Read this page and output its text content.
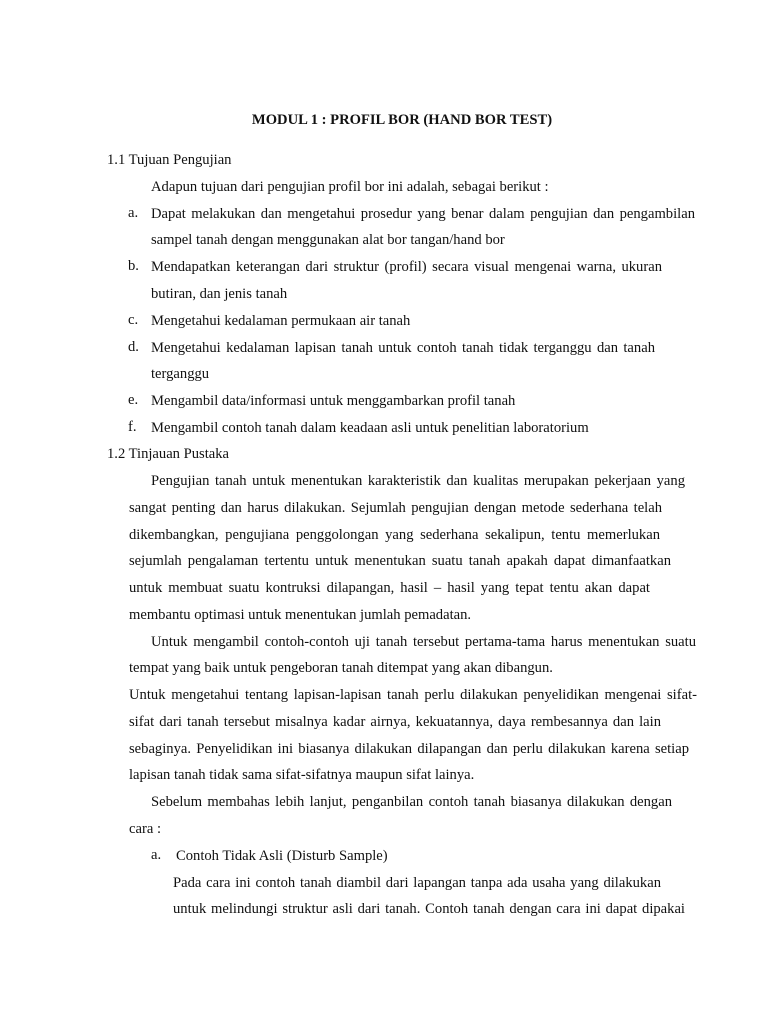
MODUL 1 : PROFIL BOR (HAND BOR TEST)
1.1 Tujuan Pengujian
Adapun tujuan dari pengujian profil bor ini adalah, sebagai berikut :
a. Dapat melakukan dan mengetahui prosedur yang benar dalam pengujian dan pengambilan
sampel tanah dengan menggunakan alat bor tangan/hand bor
b. Mendapatkan keterangan dari struktur (profil) secara visual mengenai warna, ukuran
butiran, dan jenis tanah
c. Mengetahui kedalaman permukaan air tanah
d. Mengetahui kedalaman lapisan tanah untuk contoh tanah tidak terganggu dan tanah
terganggu
e. Mengambil data/informasi untuk menggambarkan profil tanah
f. Mengambil contoh tanah dalam keadaan asli untuk penelitian laboratorium
1.2 Tinjauan Pustaka
Pengujian tanah untuk menentukan karakteristik dan kualitas merupakan pekerjaan yang
sangat penting dan harus dilakukan. Sejumlah pengujian dengan metode sederhana telah
dikembangkan, pengujiana penggolongan yang sederhana sekalipun, tentu memerlukan
sejumlah pengalaman tertentu untuk menentukan suatu tanah apakah dapat dimanfaatkan
untuk membuat suatu kontruksi dilapangan, hasil – hasil yang tepat tentu akan dapat
membantu optimasi untuk menentukan jumlah pemadatan.
Untuk mengambil contoh-contoh uji tanah tersebut pertama-tama harus menentukan suatu
tempat yang baik untuk pengeboran tanah ditempat yang akan dibangun.
Untuk mengetahui tentang lapisan-lapisan tanah perlu dilakukan penyelidikan mengenai sifat-
sifat dari tanah tersebut misalnya kadar airnya, kekuatannya, daya rembesannya dan lain
sebaginya. Penyelidikan ini biasanya dilakukan dilapangan dan perlu dilakukan karena setiap
lapisan tanah tidak sama sifat-sifatnya maupun sifat lainya.
Sebelum membahas lebih lanjut, penganbilan contoh tanah biasanya dilakukan dengan
cara :
a. Contoh Tidak Asli (Disturb Sample)
Pada cara ini contoh tanah diambil dari lapangan tanpa ada usaha yang dilakukan
untuk melindungi struktur asli dari tanah. Contoh tanah dengan cara ini dapat dipakai
